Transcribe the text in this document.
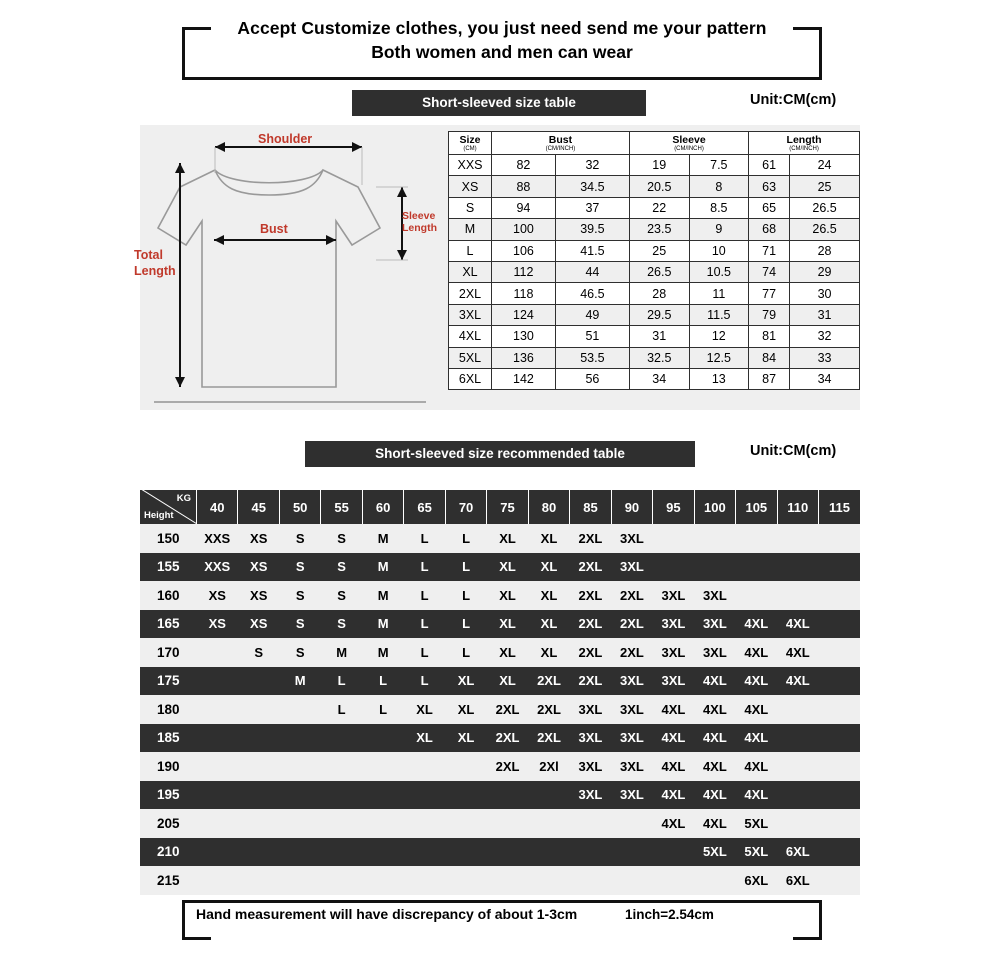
Accept Customize clothes, you just need send me your pattern
Both women and men can wear
Short-sleeved size table	Unit:CM(cm)
Shoulder
Bust
Sleeve
Length
Total
Length
Size
(CM)	Bust
(CM/INCH)		Sleeve
(CM/INCH)		Length
(CM/INCH)	

XXS	82	32	19	7.5	61	24
XS	88	34.5	20.5	8	63	25
S	94	37	22	8.5	65	26.5
M	100	39.5	23.5	9	68	26.5
L	106	41.5	25	10	71	28
XL	112	44	26.5	10.5	74	29
2XL	118	46.5	28	11	77	30
3XL	124	49	29.5	11.5	79	31
4XL	130	51	31	12	81	32
5XL	136	53.5	32.5	12.5	84	33
6XL	142	56	34	13	87	34
Short-sleeved size recommended table	Unit:CM(cm)
KG
Height	40	45	50	55	60	65	70	75	80	85	90	95	100	105	110	115
150	XXS	XS	S	S	M	L	L	XL	XL	2XL	3XL					
155	XXS	XS	S	S	M	L	L	XL	XL	2XL	3XL					
160	XS	XS	S	S	M	L	L	XL	XL	2XL	2XL	3XL	3XL			
165	XS	XS	S	S	M	L	L	XL	XL	2XL	2XL	3XL	3XL	4XL	4XL	
170		S	S	M	M	L	L	XL	XL	2XL	2XL	3XL	3XL	4XL	4XL	
175			M	L	L	L	XL	XL	2XL	2XL	3XL	3XL	4XL	4XL	4XL	
180				L	L	XL	XL	2XL	2XL	3XL	3XL	4XL	4XL	4XL		
185						XL	XL	2XL	2XL	3XL	3XL	4XL	4XL	4XL		
190								2XL	2Xl	3XL	3XL	4XL	4XL	4XL		
195										3XL	3XL	4XL	4XL	4XL		
205												4XL	4XL	5XL		
210													5XL	5XL	6XL	
215														6XL	6XL	
Hand measurement will have discrepancy of about 1-3cm	1inch=2.54cm
